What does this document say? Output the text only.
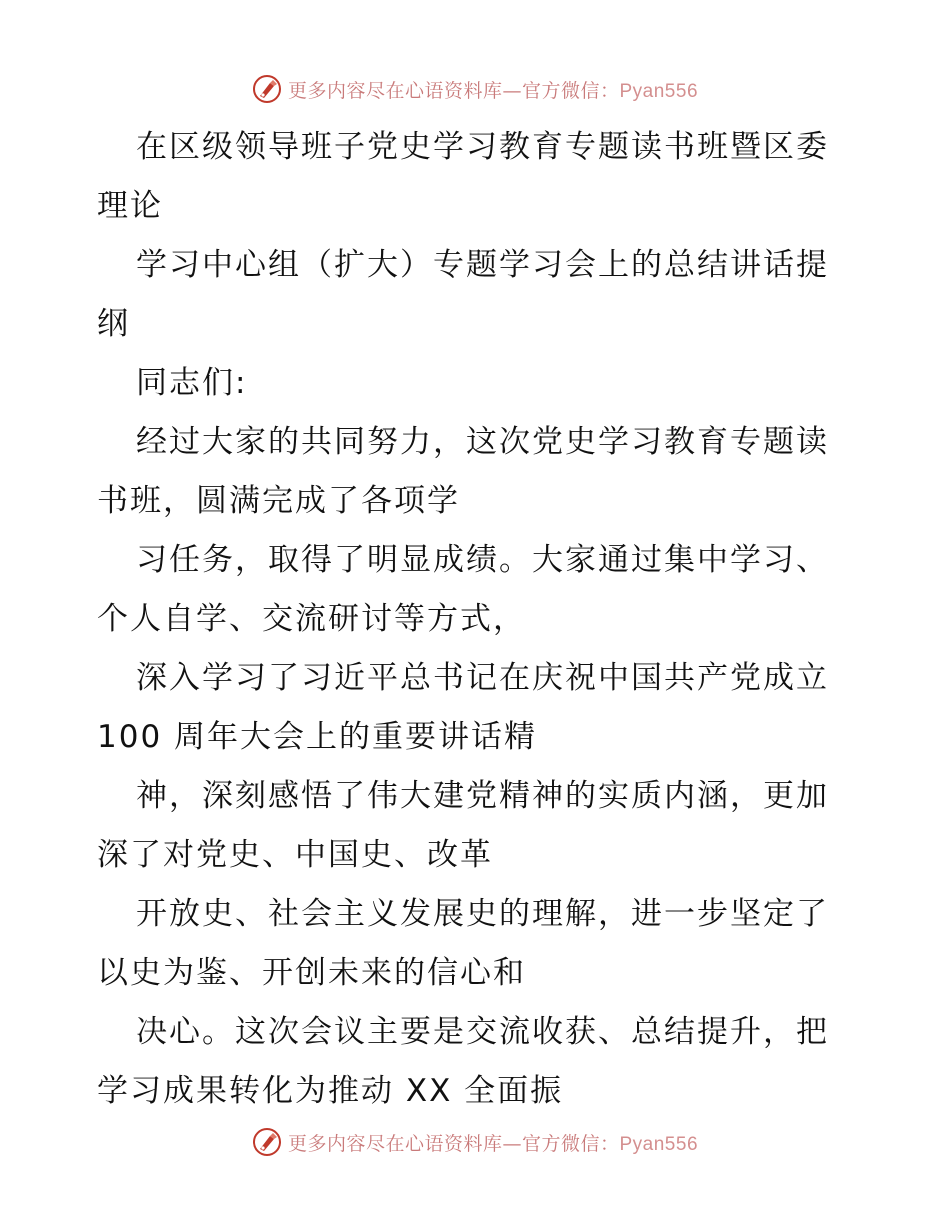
更多内容尽在心语资料库—官方微信：Pyan556

在区级领导班子党史学习教育专题读书班暨区委理论

学习中心组（扩大）专题学习会上的总结讲话提纲

同志们:

经过大家的共同努力，这次党史学习教育专题读书班，圆满完成了各项学

习任务，取得了明显成绩。大家通过集中学习、个人自学、交流研讨等方式，

深入学习了习近平总书记在庆祝中国共产党成立 100 周年大会上的重要讲话精

神，深刻感悟了伟大建党精神的实质内涵，更加深了对党史、中国史、改革

开放史、社会主义发展史的理解，进一步坚定了以史为鉴、开创未来的信心和

决心。这次会议主要是交流收获、总结提升，把学习成果转化为推动 XX 全面振

更多内容尽在心语资料库—官方微信：Pyan556
